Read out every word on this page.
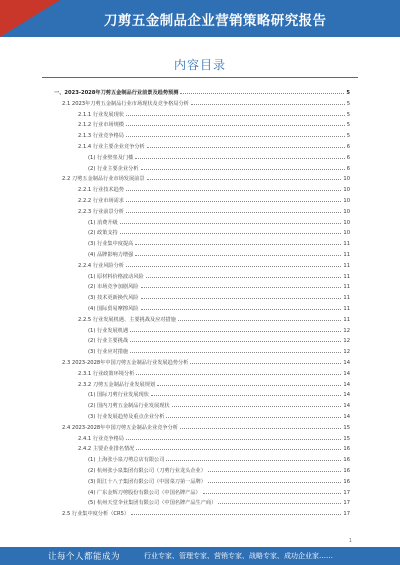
刀剪五金制品企业营销策略研究报告
内容目录
一、2023-2028年刀剪五金制品行业前景及趋势预测	5
2.1 2023年刀剪五金制品行业市场现状及竞争格局分析	5
2.1.1 行业发展现状	5
2.1.2 行业市场规模	5
2.1.3 行业竞争格局	5
2.1.4 行业主要企业竞争分析	6
(1) 行业壁垒及门槛	6
(2) 行业主要企业分析	6
2.2 刀剪五金制品行业市场发展前景	10
2.2.1 行业技术趋势	10
2.2.2 行业市场需求	10
2.2.3 行业前景分析	10
(1) 消费升级	10
(2) 政策支持	10
(3) 行业集中度提高	11
(4) 品牌影响力增强	11
2.2.4 行业风险分析	11
(1) 原材料价格波动风险	11
(2) 市场竞争加剧风险	11
(3) 技术更新换代风险	11
(4) 国际贸易摩擦风险	11
2.2.5 行业发展机遇、主要挑战及应对措施	11
(1) 行业发展机遇	12
(2) 行业主要挑战	12
(3) 行业应对措施	12
2.3 2023-2028年中国刀剪五金制品行业发展趋势分析	14
2.3.1 行业政策环境分析	14
2.3.2 刀剪五金制品行业发展规划	14
(1) 国际刀剪行业发展现状	14
(2) 国内刀剪五金制品行业发展现状	14
(3) 行业发展趋势及重点企业分析	14
2.4 2023-2028年中国刀剪五金制品企业竞争分析	15
2.4.1 行业竞争格局	15
2.4.2 主要企业排名情况	16
(1) 上海张小泉刀剪总店有限公司	16
(2) 杭州张小泉集团有限公司（刀剪行业龙头企业）	16
(3) 阳江十八子集团有限公司（中国菜刀第一品牌）	16
(4) 广东金辉刀剪股份有限公司（中国名牌产品）	17
(5) 杭州天堂伞业集团有限公司（中国名牌产品生产商）	17
2.5 行业集中度分析（CR5）	17
1
让每个人都能成为	行业专家、管理专家、营销专家、战略专家、成功企业家……
